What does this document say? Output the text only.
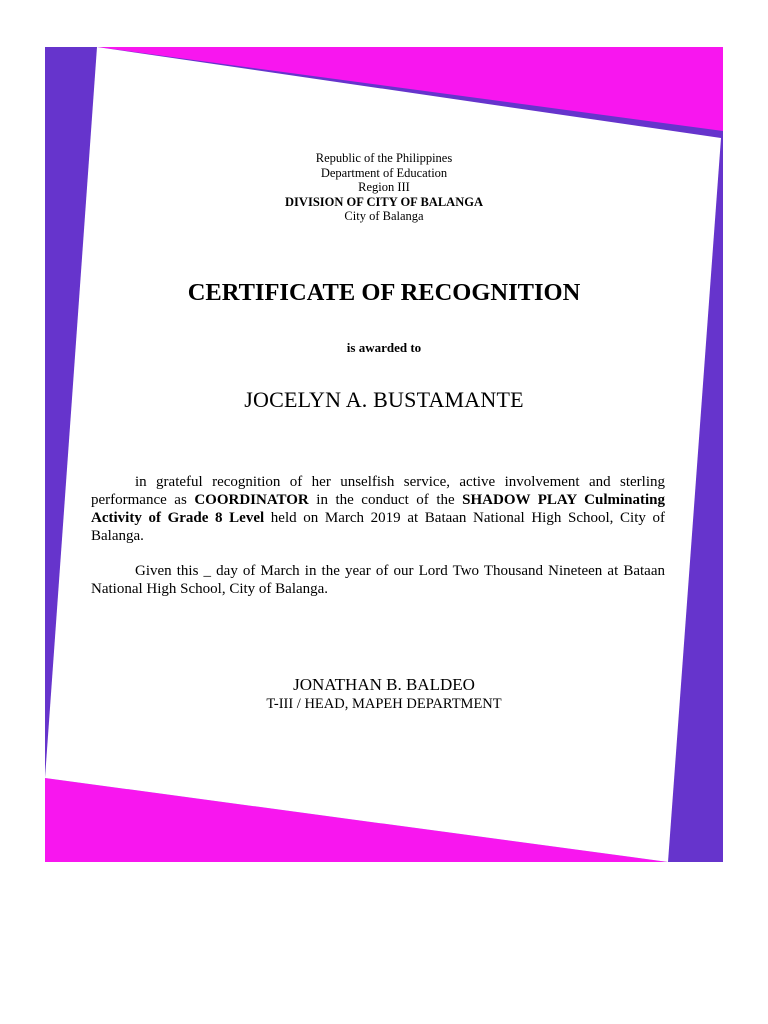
Republic of the Philippines
Department of Education
Region III
DIVISION OF CITY OF BALANGA
City of Balanga
CERTIFICATE OF RECOGNITION
is awarded to
JOCELYN A. BUSTAMANTE
in grateful recognition of her unselfish service, active involvement and sterling performance as COORDINATOR in the conduct of the SHADOW PLAY Culminating Activity of Grade 8 Level held on March 2019 at Bataan National High School, City of Balanga.
Given this _ day of March in the year of our Lord Two Thousand Nineteen at Bataan National High School, City of Balanga.
JONATHAN B. BALDEO
T-III / HEAD, MAPEH DEPARTMENT
